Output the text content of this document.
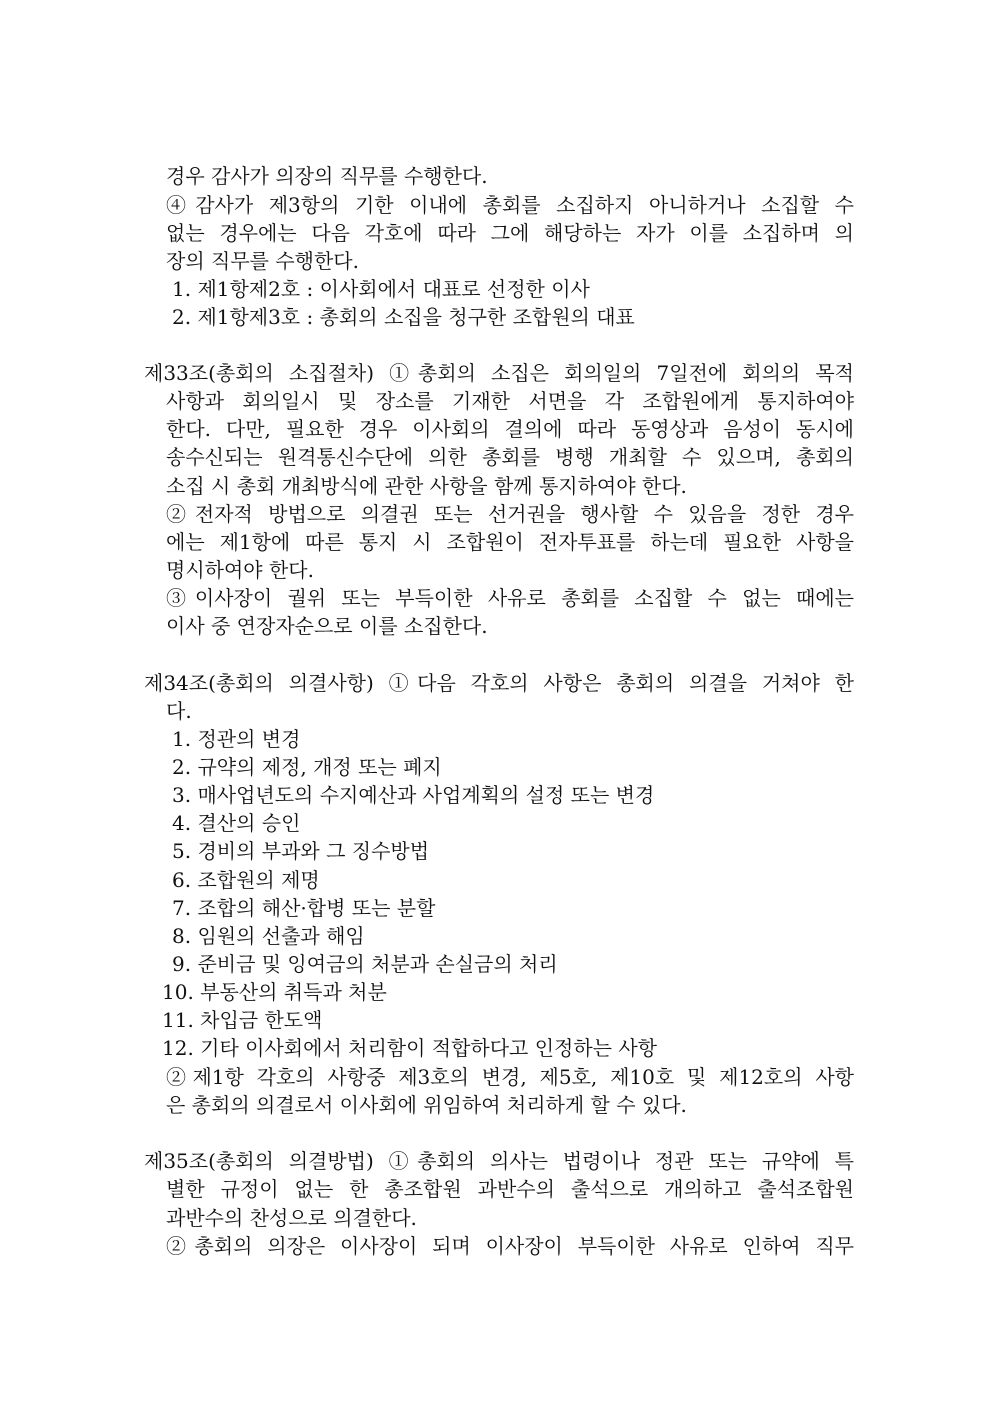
경우 감사가 의장의 직무를 수행한다.
④감사가 제3항의 기한 이내에 총회를 소집하지 아니하거나 소집할 수
없는 경우에는 다음 각호에 따라 그에 해당하는 자가 이를 소집하며 의
장의 직무를 수행한다.
1. 제1항제2호 : 이사회에서 대표로 선정한 이사
2. 제1항제3호 : 총회의 소집을 청구한 조합원의 대표
제33조(총회의 소집절차) ①총회의 소집은 회의일의 7일전에 회의의 목적
사항과 회의일시 및 장소를 기재한 서면을 각 조합원에게 통지하여야
한다. 다만, 필요한 경우 이사회의 결의에 따라 동영상과 음성이 동시에
송수신되는 원격통신수단에 의한 총회를 병행 개최할 수 있으며, 총회의
소집 시 총회 개최방식에 관한 사항을 함께 통지하여야 한다.
②전자적 방법으로 의결권 또는 선거권을 행사할 수 있음을 정한 경우
에는 제1항에 따른 통지 시 조합원이 전자투표를 하는데 필요한 사항을
명시하여야 한다.
③이사장이 궐위 또는 부득이한 사유로 총회를 소집할 수 없는 때에는
이사 중 연장자순으로 이를 소집한다.
제34조(총회의 의결사항) ①다음 각호의 사항은 총회의 의결을 거쳐야 한
다.
1. 정관의 변경
2. 규약의 제정, 개정 또는 폐지
3. 매사업년도의 수지예산과 사업계획의 설정 또는 변경
4. 결산의 승인
5. 경비의 부과와 그 징수방법
6. 조합원의 제명
7. 조합의 해산·합병 또는 분할
8. 임원의 선출과 해임
9. 준비금 및 잉여금의 처분과 손실금의 처리
10. 부동산의 취득과 처분
11. 차입금 한도액
12. 기타 이사회에서 처리함이 적합하다고 인정하는 사항
②제1항 각호의 사항중 제3호의 변경, 제5호, 제10호 및 제12호의 사항
은 총회의 의결로서 이사회에 위임하여 처리하게 할 수 있다.
제35조(총회의 의결방법) ①총회의 의사는 법령이나 정관 또는 규약에 특
별한 규정이 없는 한 총조합원 과반수의 출석으로 개의하고 출석조합원
과반수의 찬성으로 의결한다.
②총회의 의장은 이사장이 되며 이사장이 부득이한 사유로 인하여 직무
